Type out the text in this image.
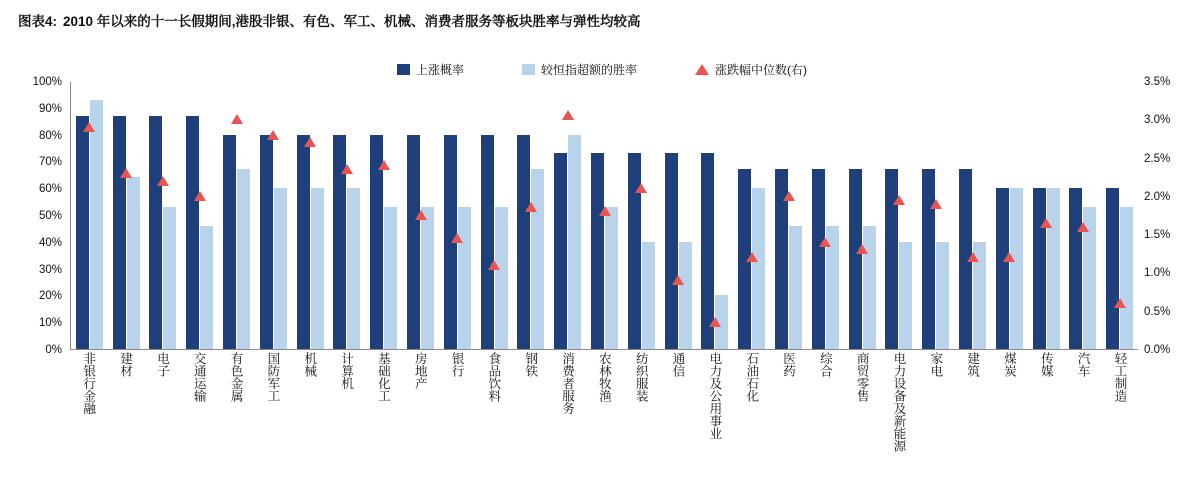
图表4: 2010 年以来的十一长假期间,港股非银、有色、军工、机械、消费者服务等板块胜率与弹性均较高
上涨概率	较恒指超额的胜率	涨跌幅中位数(右)
0%
10%
20%
30%
40%
50%
60%
70%
80%
90%
100%
0.0%
0.5%
1.0%
1.5%
2.0%
2.5%
3.0%
3.5%
非银行金融 建材 电子 交通运输 有色金属 国防军工 机械 计算机 基础化工 房地产 银行 食品饮料 钢铁 消费者服务 农林牧渔 纺织服装 通信 电力及公用事业 石油石化 医药 综合 商贸零售 电力设备及新能源 家电 建筑 煤炭 传媒 汽车 轻工制造
